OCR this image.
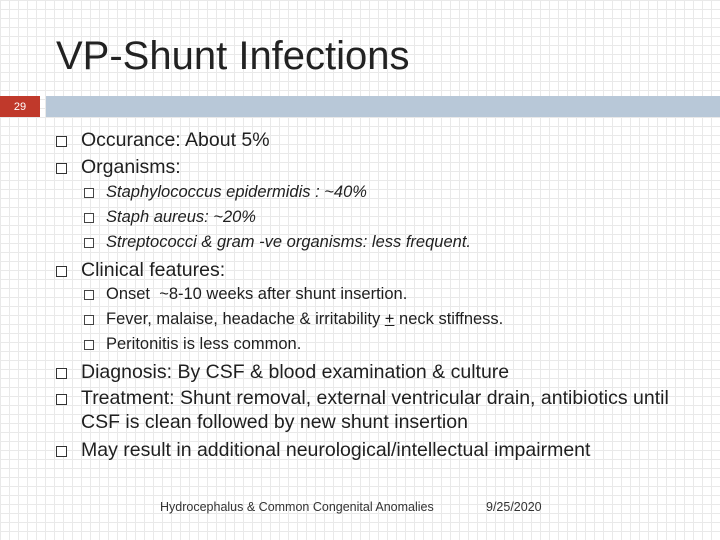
VP-Shunt Infections
29
Occurance: About 5%
Organisms:
Staphylococcus epidermidis : ~40%
Staph aureus: ~20%
Streptococci & gram -ve organisms: less frequent.
Clinical features:
Onset  ~8-10 weeks after shunt insertion.
Fever, malaise, headache & irritability + neck stiffness.
Peritonitis is less common.
Diagnosis: By CSF & blood examination & culture
Treatment: Shunt removal, external ventricular drain, antibiotics until CSF is clean followed by new shunt insertion
May result in additional neurological/intellectual impairment
Hydrocephalus & Common Congenital Anomalies	9/25/2020
